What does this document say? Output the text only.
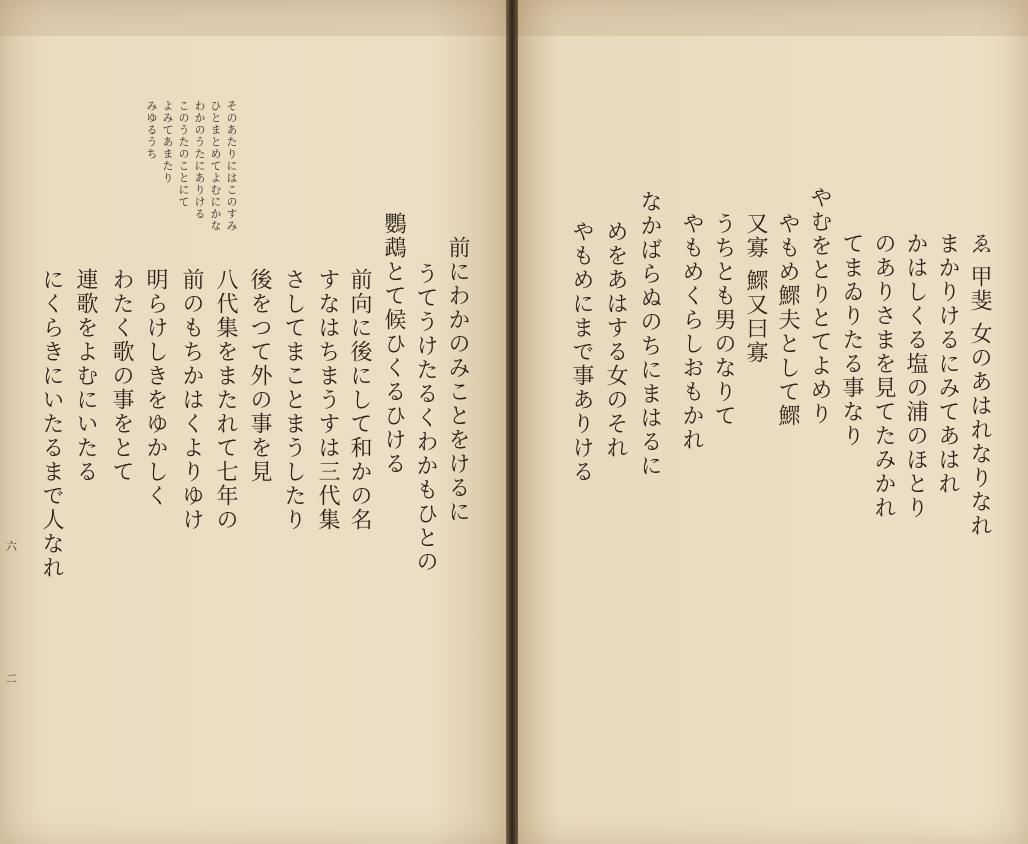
そのあたりにはこのすみ
ひとまとめてよむにかな
わかのうたにありける
このうたのことにて
よみてあまたり
みゆるうち
前にわかのみことをけるに
うてうけたるくわかもひとの
鸚鵡とて候ひくるひける
前向に後にして和かの名
すなはちまうすは三代集
さしてまことまうしたり
後をつて外の事を見
八代集をまたれて七年の
前のもちかはくよりゆけ
明らけしきをゆかしく
わたく歌の事をとて
連歌をよむにいたる
にくらきにいたるまで人なれ
六
二
ゑ 甲斐 女のあはれなりなれ
まかりけるにみてあはれ
かはしくる塩の浦のほとり
のありさまを見てたみかれ
てまゐりたる事なり
やむをとりとてよめり
やもめ鰥夫として鰥
又寡 鰥又曰寡
うちとも男のなりて
やもめくらしおもかれ
なかばらぬのちにまはるに
めをあはする女のそれ
やもめにまで事ありける
